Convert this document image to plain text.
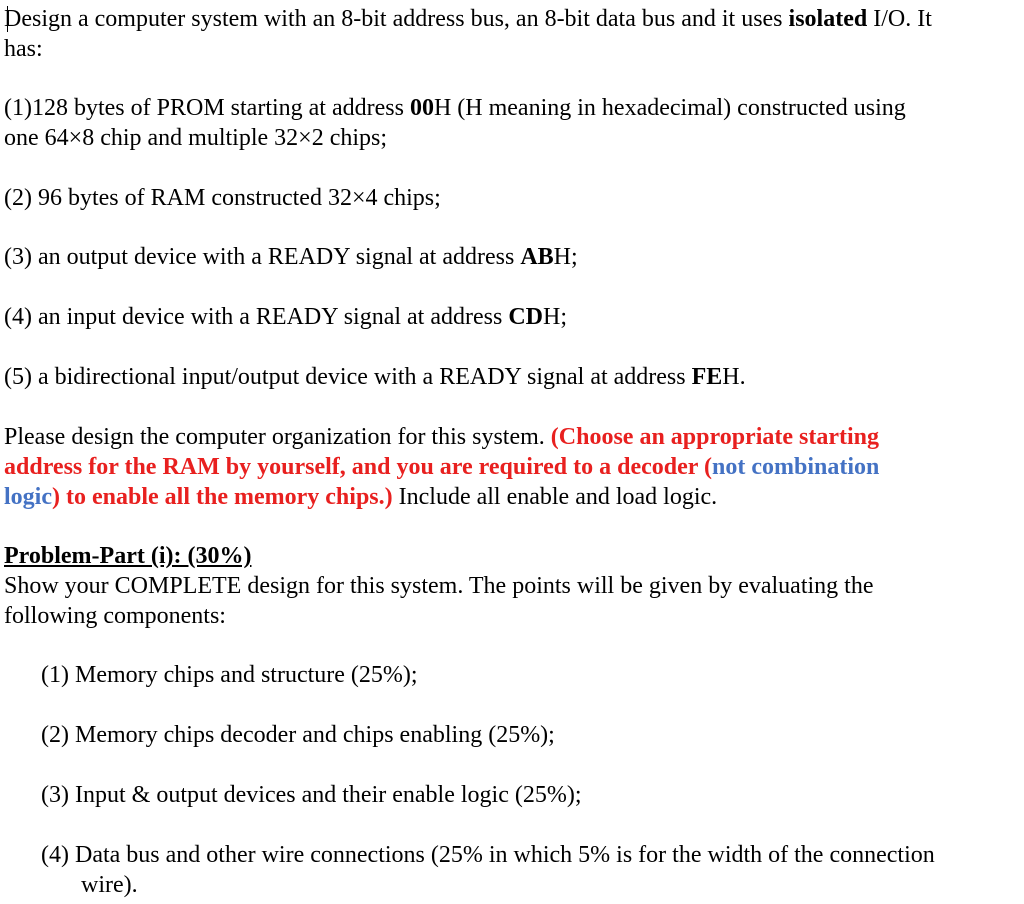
Design a computer system with an 8-bit address bus, an 8-bit data bus and it uses isolated I/O. It
has:
(1)128 bytes of PROM starting at address 00H (H meaning in hexadecimal) constructed using
one 64×8 chip and multiple 32×2 chips;
(2) 96 bytes of RAM constructed 32×4 chips;
(3) an output device with a READY signal at address ABH;
(4) an input device with a READY signal at address CDH;
(5) a bidirectional input/output device with a READY signal at address FEH.
Please design the computer organization for this system. (Choose an appropriate starting
address for the RAM by yourself, and you are required to a decoder (not combination
logic) to enable all the memory chips.) Include all enable and load logic.
Problem-Part (i): (30%)
Show your COMPLETE design for this system. The points will be given by evaluating the
following components:
(1) Memory chips and structure (25%);
(2) Memory chips decoder and chips enabling (25%);
(3) Input & output devices and their enable logic (25%);
(4) Data bus and other wire connections (25% in which 5% is for the width of the connection
wire).
